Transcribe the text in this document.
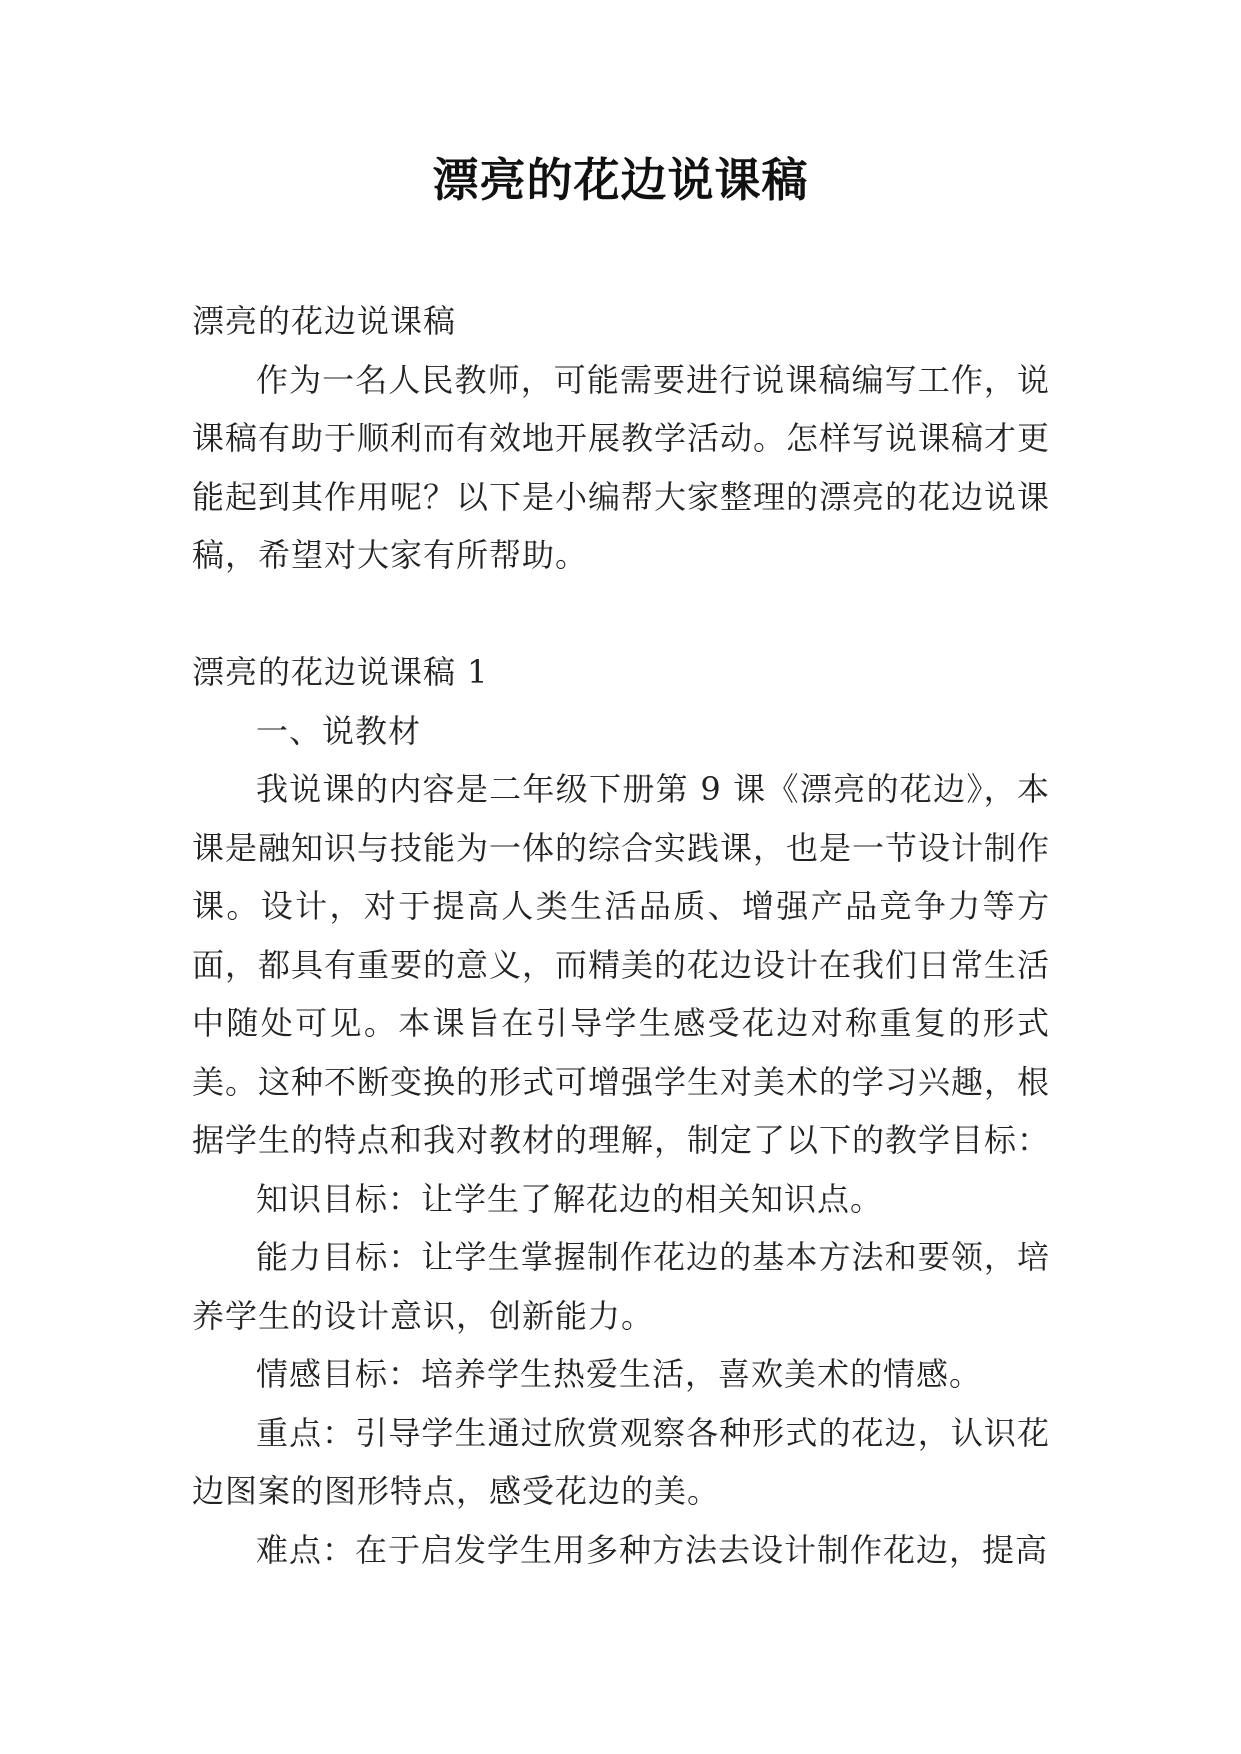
漂亮的花边说课稿

漂亮的花边说课稿

作为一名人民教师，可能需要进行说课稿编写工作，说课稿有助于顺利而有效地开展教学活动。怎样写说课稿才更能起到其作用呢？以下是小编帮大家整理的漂亮的花边说课稿，希望对大家有所帮助。

漂亮的花边说课稿 1

一、说教材

我说课的内容是二年级下册第 9 课《漂亮的花边》，本课是融知识与技能为一体的综合实践课，也是一节设计制作课。设计，对于提高人类生活品质、增强产品竞争力等方面，都具有重要的意义，而精美的花边设计在我们日常生活中随处可见。本课旨在引导学生感受花边对称重复的形式美。这种不断变换的形式可增强学生对美术的学习兴趣，根据学生的特点和我对教材的理解，制定了以下的教学目标：

知识目标：让学生了解花边的相关知识点。

能力目标：让学生掌握制作花边的基本方法和要领，培养学生的设计意识，创新能力。

情感目标：培养学生热爱生活，喜欢美术的情感。

重点：引导学生通过欣赏观察各种形式的花边，认识花边图案的图形特点，感受花边的美。

难点：在于启发学生用多种方法去设计制作花边，提高
